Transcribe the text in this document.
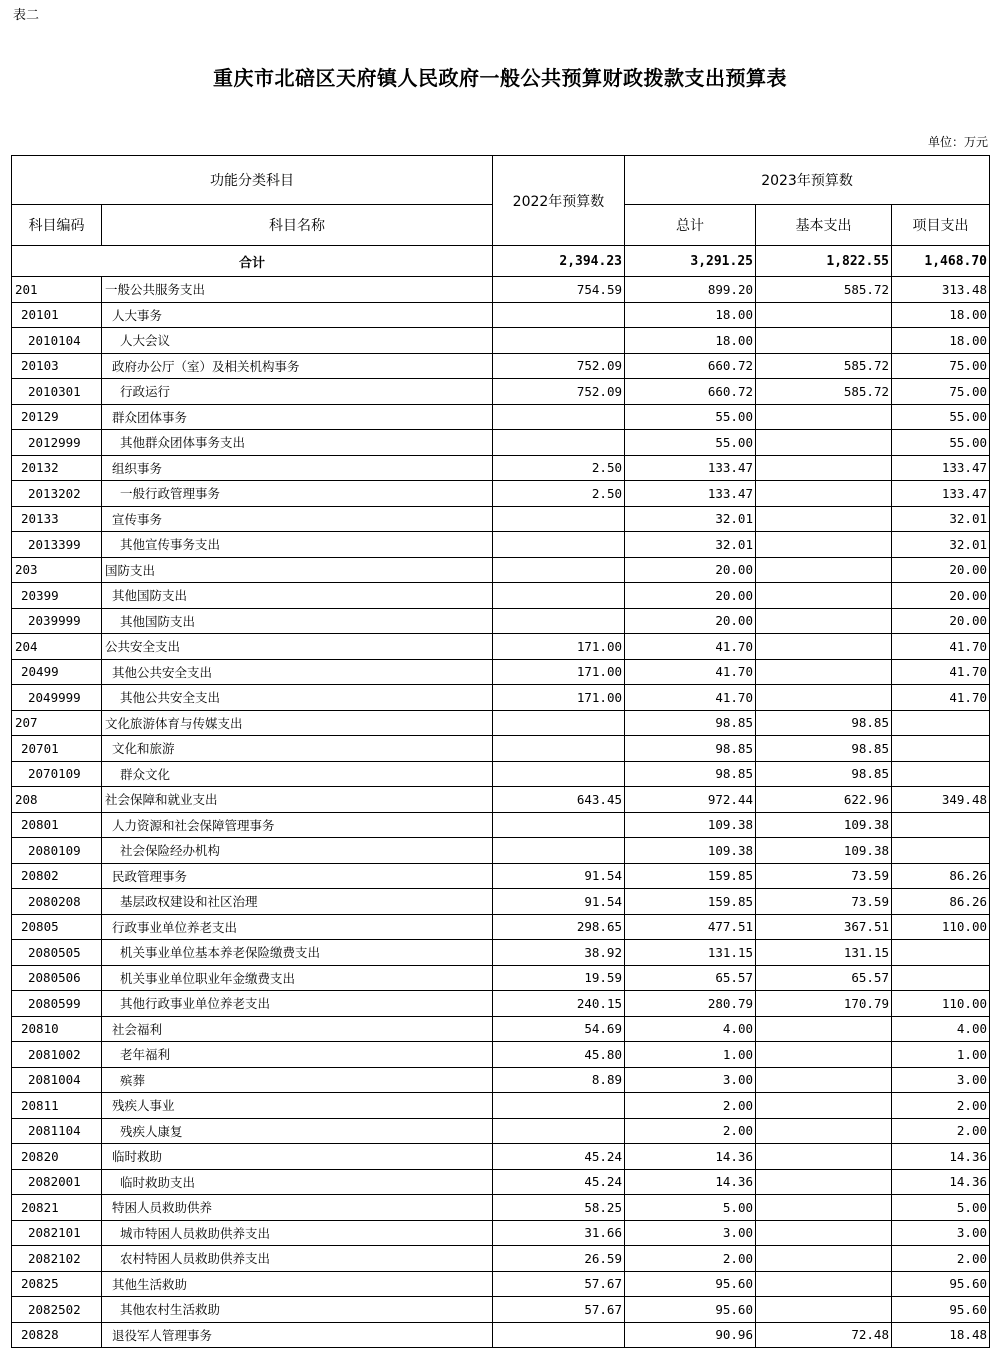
表二
重庆市北碚区天府镇人民政府一般公共预算财政拨款支出预算表
单位：万元
功能分类科目		2022年预算数	2023年预算数		
科目编码	科目名称		总计	基本支出	项目支出
合计		2,394.23	3,291.25	1,822.55	1,468.70
201	一般公共服务支出	754.59	899.20	585.72	313.48
20101	人大事务		18.00		18.00
2010104	人大会议		18.00		18.00
20103	政府办公厅（室）及相关机构事务	752.09	660.72	585.72	75.00
2010301	行政运行	752.09	660.72	585.72	75.00
20129	群众团体事务		55.00		55.00
2012999	其他群众团体事务支出		55.00		55.00
20132	组织事务	2.50	133.47		133.47
2013202	一般行政管理事务	2.50	133.47		133.47
20133	宣传事务		32.01		32.01
2013399	其他宣传事务支出		32.01		32.01
203	国防支出		20.00		20.00
20399	其他国防支出		20.00		20.00
2039999	其他国防支出		20.00		20.00
204	公共安全支出	171.00	41.70		41.70
20499	其他公共安全支出	171.00	41.70		41.70
2049999	其他公共安全支出	171.00	41.70		41.70
207	文化旅游体育与传媒支出		98.85	98.85	
20701	文化和旅游		98.85	98.85	
2070109	群众文化		98.85	98.85	
208	社会保障和就业支出	643.45	972.44	622.96	349.48
20801	人力资源和社会保障管理事务		109.38	109.38	
2080109	社会保险经办机构		109.38	109.38	
20802	民政管理事务	91.54	159.85	73.59	86.26
2080208	基层政权建设和社区治理	91.54	159.85	73.59	86.26
20805	行政事业单位养老支出	298.65	477.51	367.51	110.00
2080505	机关事业单位基本养老保险缴费支出	38.92	131.15	131.15	
2080506	机关事业单位职业年金缴费支出	19.59	65.57	65.57	
2080599	其他行政事业单位养老支出	240.15	280.79	170.79	110.00
20810	社会福利	54.69	4.00		4.00
2081002	老年福利	45.80	1.00		1.00
2081004	殡葬	8.89	3.00		3.00
20811	残疾人事业		2.00		2.00
2081104	残疾人康复		2.00		2.00
20820	临时救助	45.24	14.36		14.36
2082001	临时救助支出	45.24	14.36		14.36
20821	特困人员救助供养	58.25	5.00		5.00
2082101	城市特困人员救助供养支出	31.66	3.00		3.00
2082102	农村特困人员救助供养支出	26.59	2.00		2.00
20825	其他生活救助	57.67	95.60		95.60
2082502	其他农村生活救助	57.67	95.60		95.60
20828	退役军人管理事务		90.96	72.48	18.48
